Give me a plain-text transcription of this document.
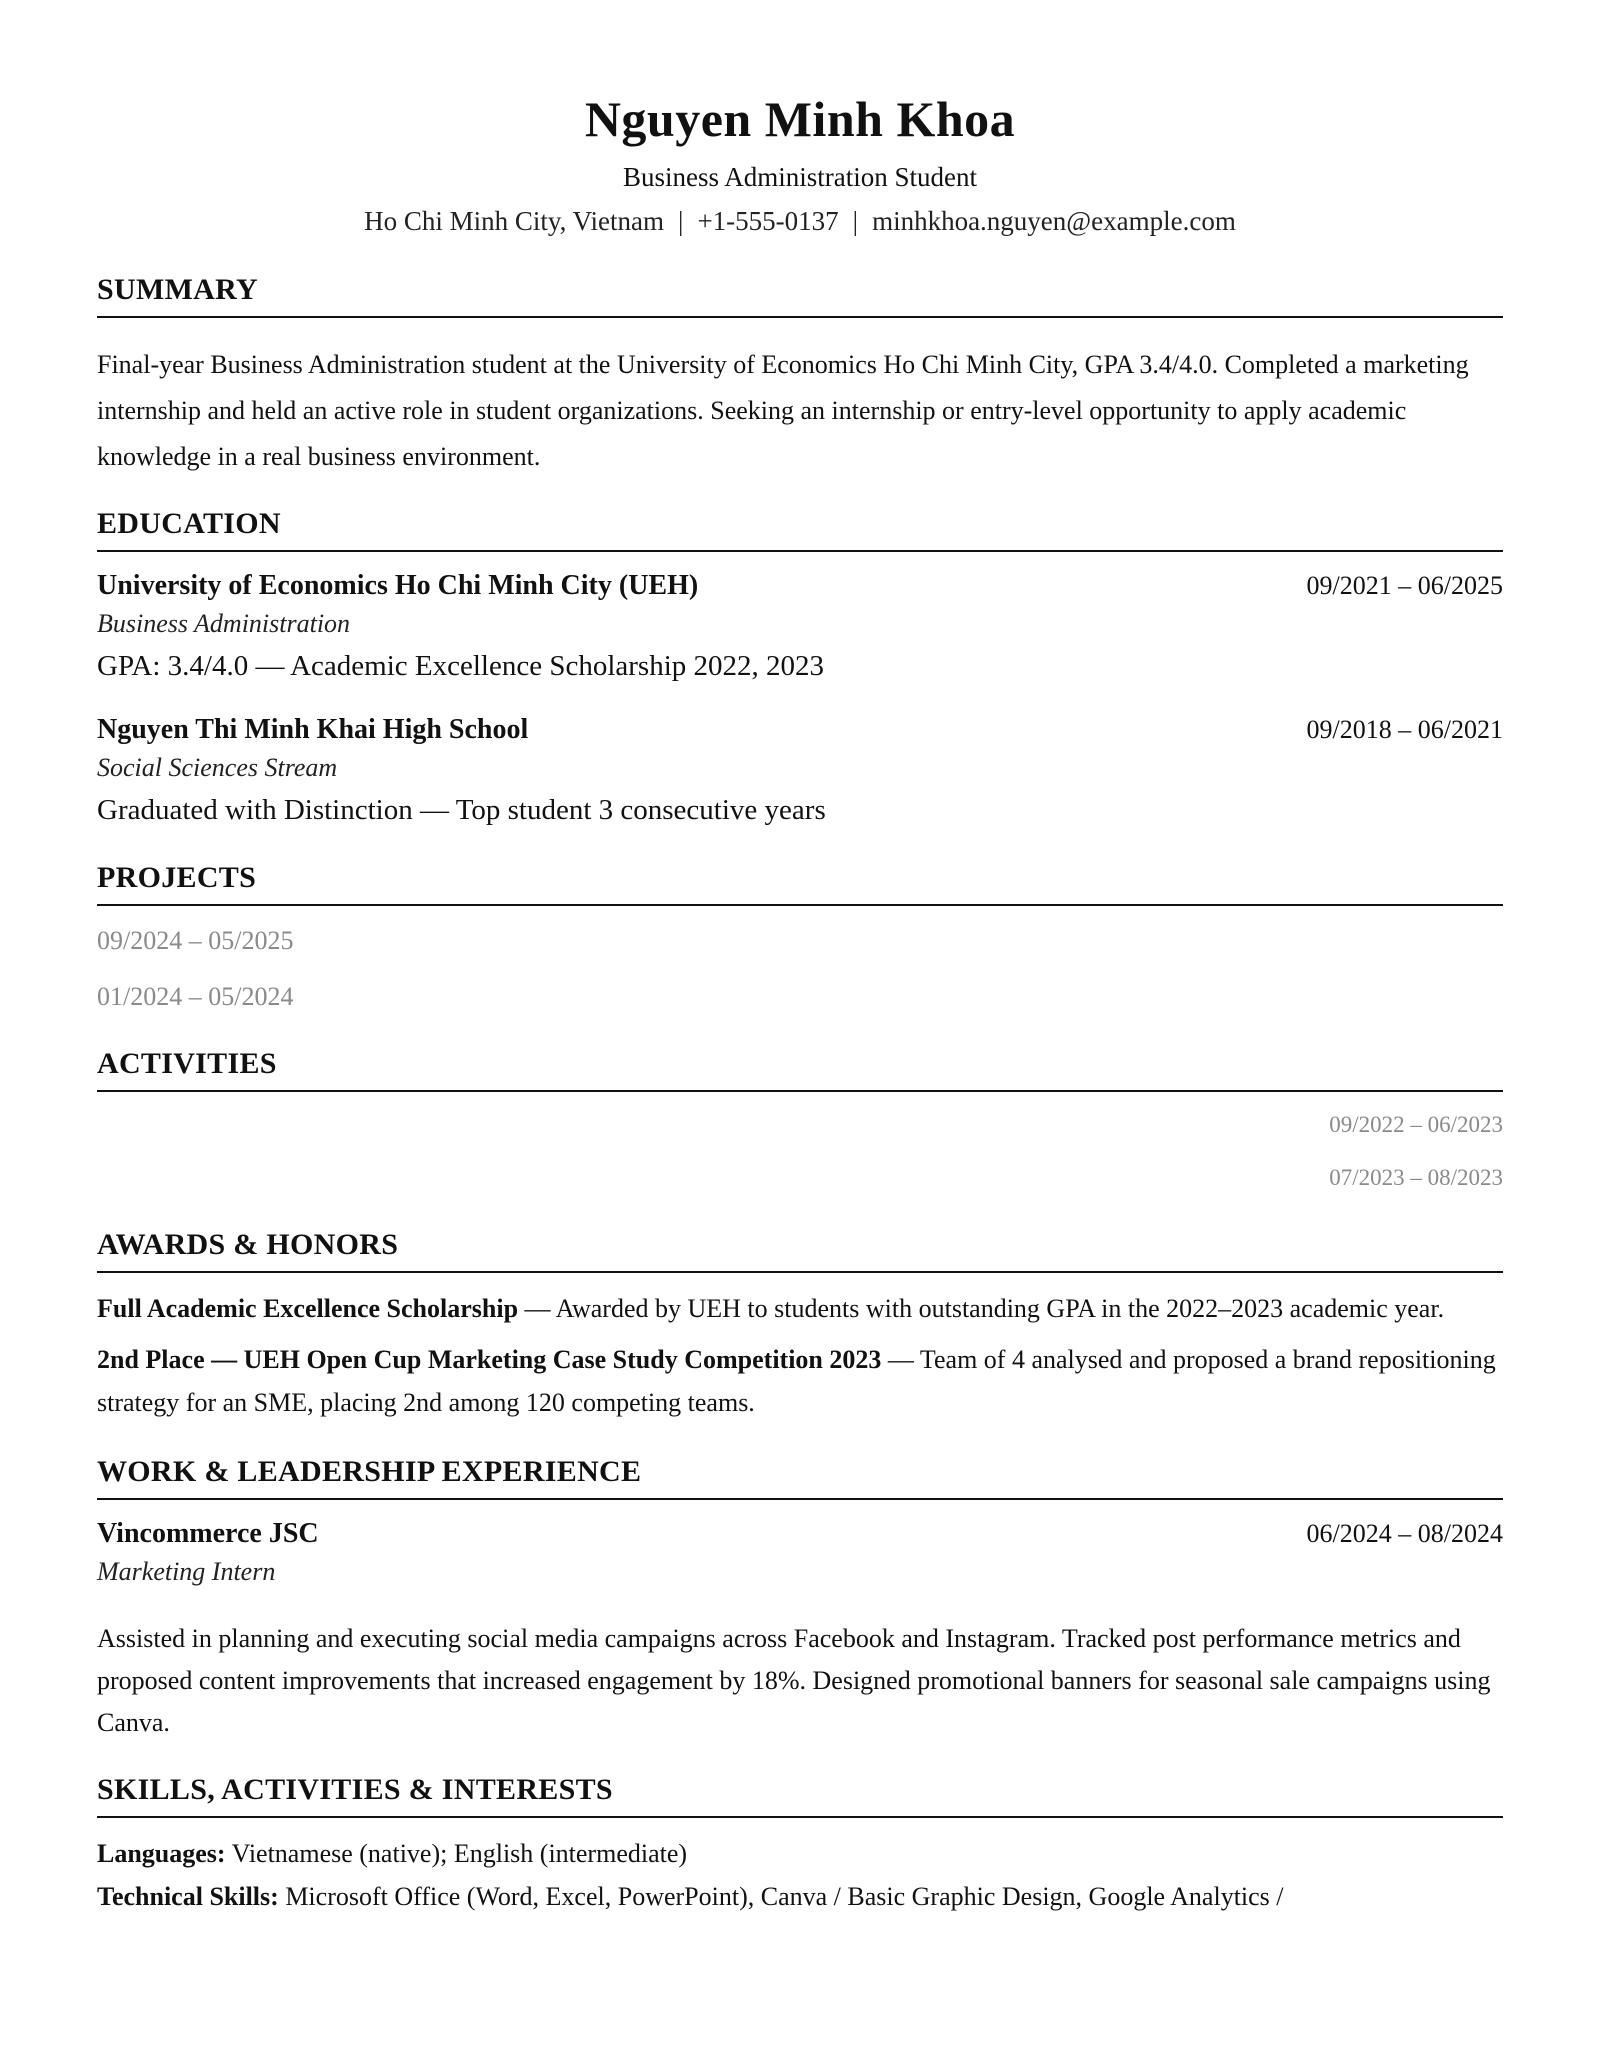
Nguyen Minh Khoa
Business Administration Student
Ho Chi Minh City, Vietnam | +1-555-0137 | minhkhoa.nguyen@example.com
SUMMARY

Final-year Business Administration student at the University of Economics Ho Chi Minh City, GPA 3.4/4.0. Completed a marketing internship and held an active role in student organizations. Seeking an internship or entry-level opportunity to apply academic knowledge in a real business environment.

EDUCATION
University of Economics Ho Chi Minh City (UEH)	09/2021 – 06/2025
Business Administration
GPA: 3.4/4.0 — Academic Excellence Scholarship 2022, 2023
Nguyen Thi Minh Khai High School	09/2018 – 06/2021
Social Sciences Stream
Graduated with Distinction — Top student 3 consecutive years
PROJECTS
09/2024 – 05/2025
01/2024 – 05/2024
ACTIVITIES
09/2022 – 06/2023
07/2023 – 08/2023
AWARDS & HONORS

Full Academic Excellence Scholarship — Awarded by UEH to students with outstanding GPA in the 2022–2023 academic year.

2nd Place — UEH Open Cup Marketing Case Study Competition 2023 — Team of 4 analysed and proposed a brand repositioning strategy for an SME, placing 2nd among 120 competing teams.

WORK & LEADERSHIP EXPERIENCE
Vincommerce JSC	06/2024 – 08/2024
Marketing Intern
Assisted in planning and executing social media campaigns across Facebook and Instagram. Tracked post performance metrics and proposed content improvements that increased engagement by 18%. Designed promotional banners for seasonal sale campaigns using Canva.
SKILLS, ACTIVITIES & INTERESTS
Languages: Vietnamese (native); English (intermediate)
Technical Skills: Microsoft Office (Word, Excel, PowerPoint), Canva / Basic Graphic Design, Google Analytics /
